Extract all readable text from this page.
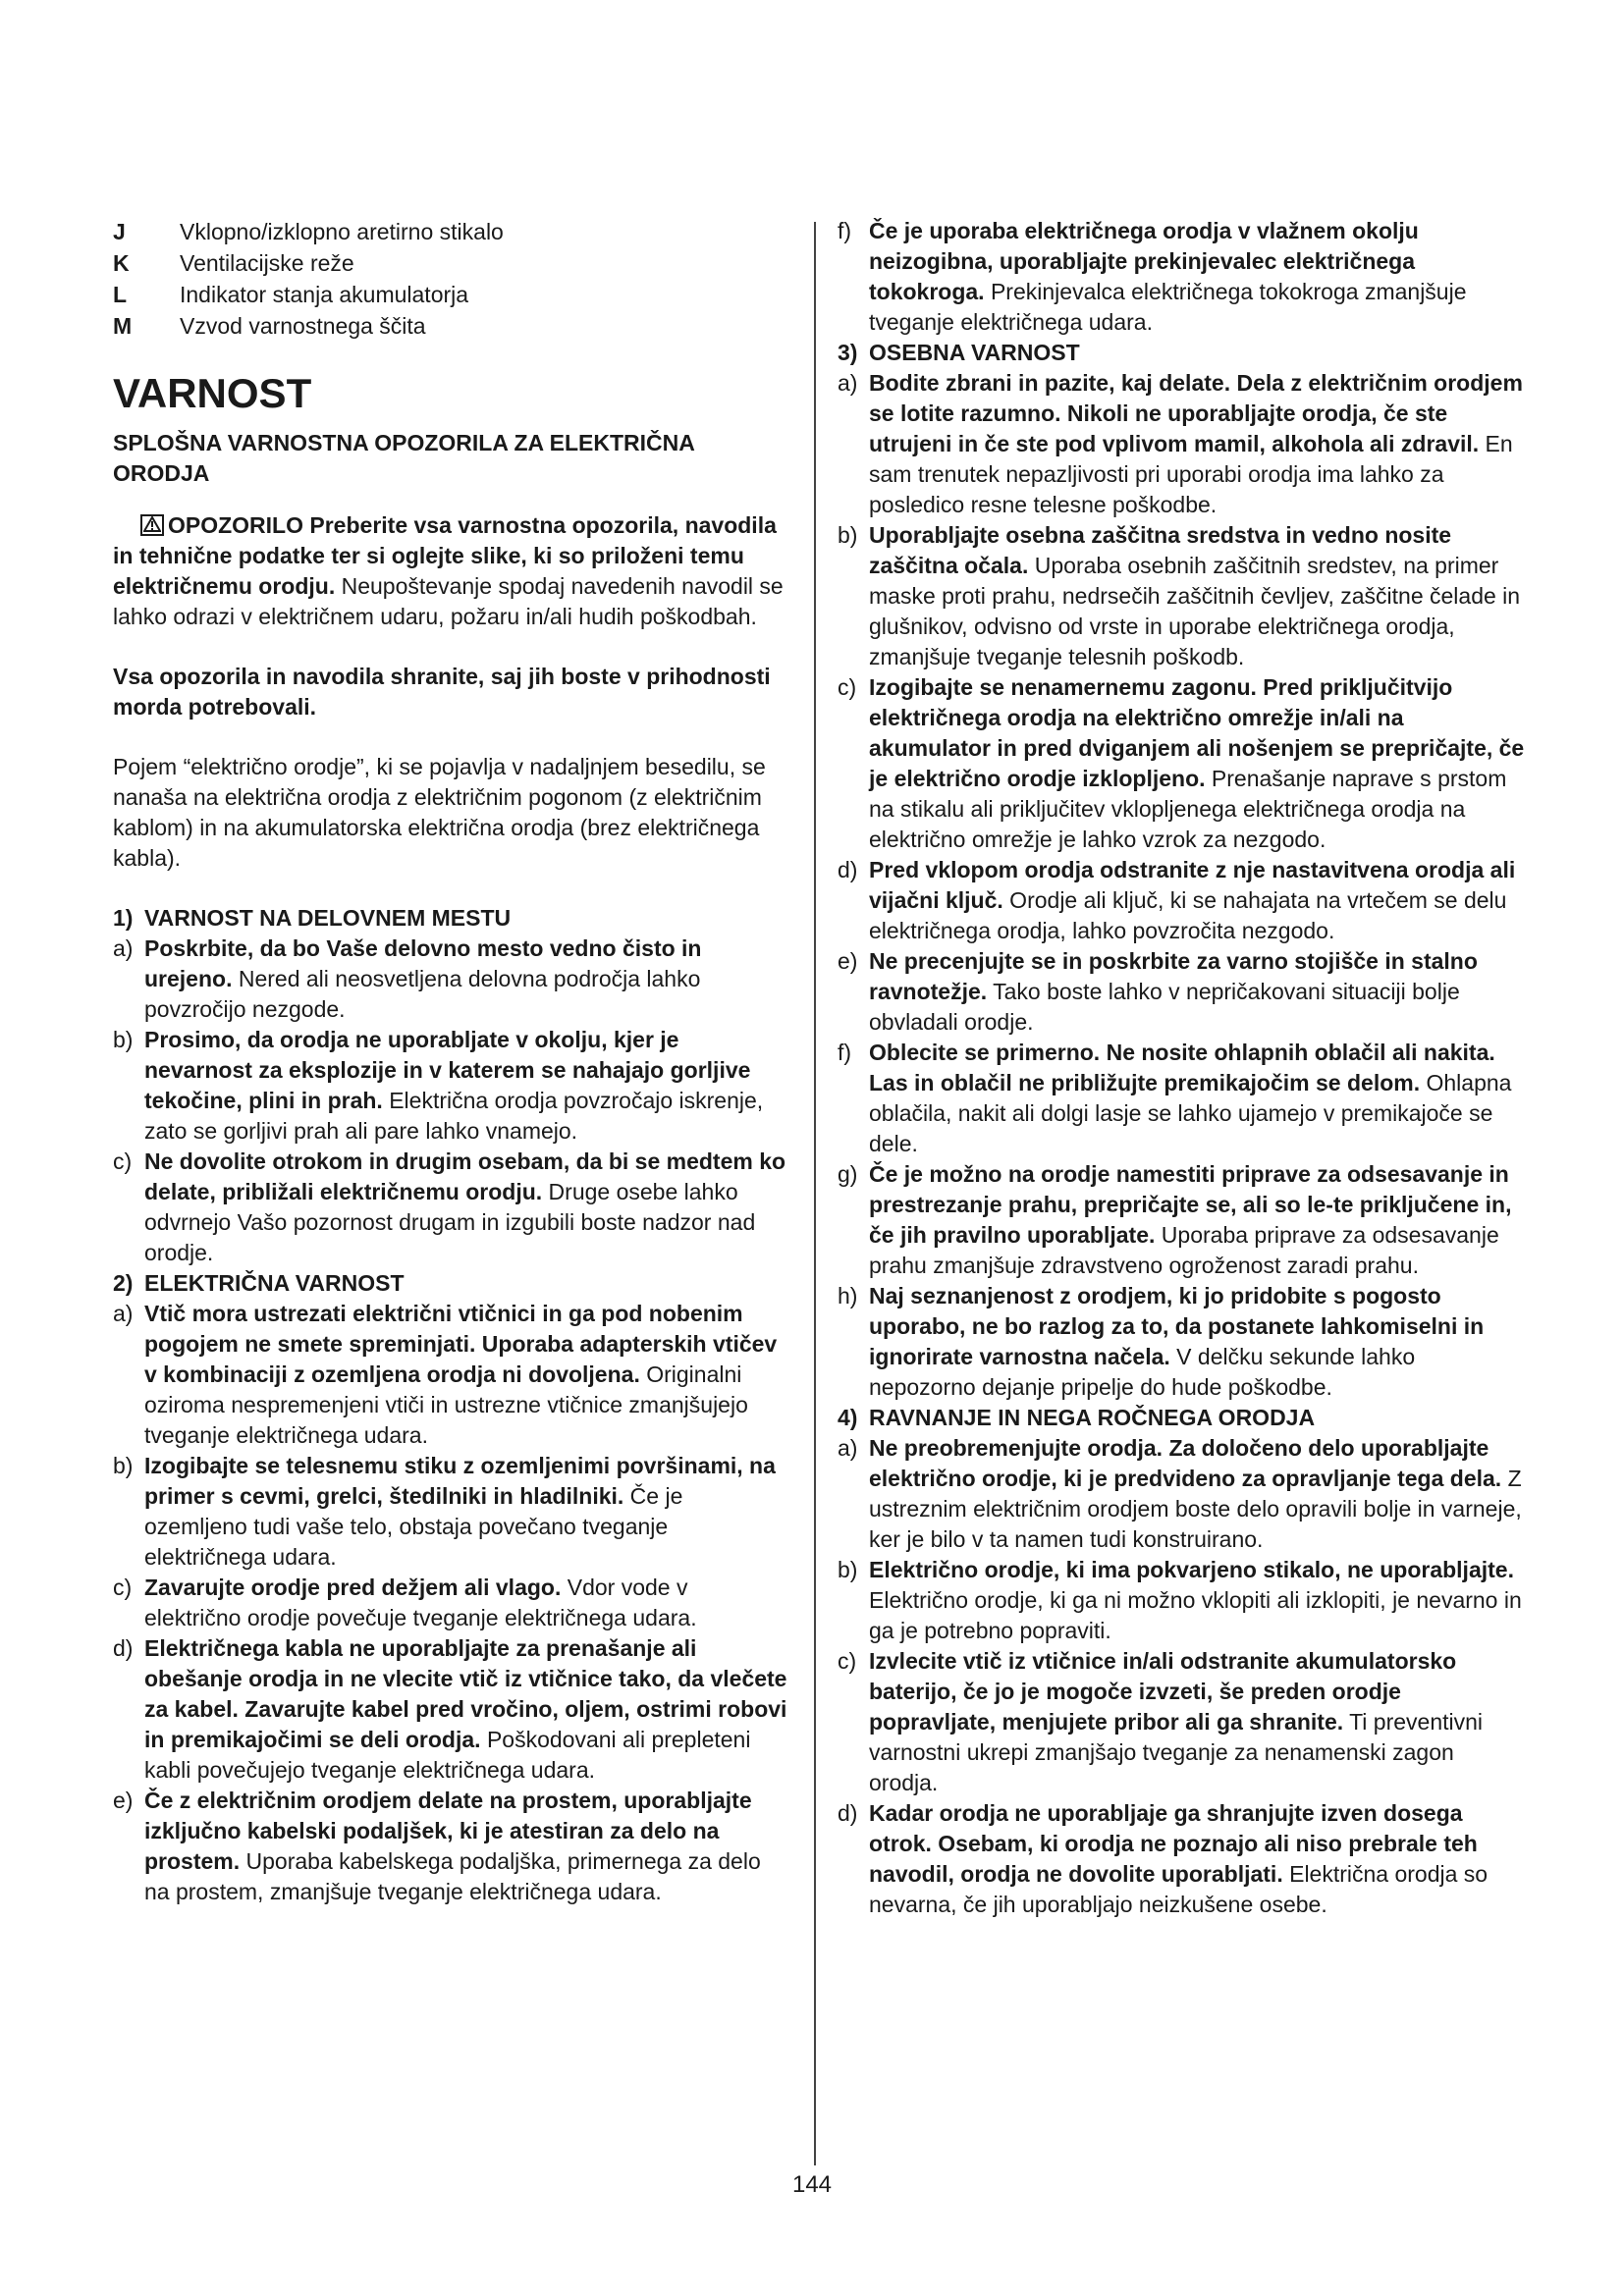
J	Vklopno/izklopno aretirno stikalo
K	Ventilacijske reže
L	Indikator stanja akumulatorja
M	Vzvod varnostnega ščita
VARNOST
SPLOŠNA VARNOSTNA OPOZORILA ZA ELEKTRIČNA ORODJA

OPOZORILO Preberite vsa varnostna opozorila, navodila in tehnične podatke ter si oglejte slike, ki so priloženi temu električnemu orodju. Neupoštevanje spodaj navedenih navodil se lahko odrazi v električnem udaru, požaru in/ali hudih poškodbah.

Vsa opozorila in navodila shranite, saj jih boste v prihodnosti morda potrebovali.

Pojem “električno orodje”, ki se pojavlja v nadaljnjem besedilu, se nanaša na električna orodja z električnim pogonom (z električnim kablom) in na akumulatorska električna orodja (brez električnega kabla).

1) VARNOST NA DELOVNEM MESTU
a) Poskrbite, da bo Vaše delovno mesto vedno čisto in urejeno. Nered ali neosvetljena delovna področja lahko povzročijo nezgode.
b) Prosimo, da orodja ne uporabljate v okolju, kjer je nevarnost za eksplozije in v katerem se nahajajo gorljive tekočine, plini in prah. Električna orodja povzročajo iskrenje, zato se gorljivi prah ali pare lahko vnamejo.
c) Ne dovolite otrokom in drugim osebam, da bi se medtem ko delate, približali električnemu orodju. Druge osebe lahko odvrnejo Vašo pozornost drugam in izgubili boste nadzor nad orodje.
2) ELEKTRIČNA VARNOST
a) Vtič mora ustrezati električni vtičnici in ga pod nobenim pogojem ne smete spreminjati. Uporaba adapterskih vtičev v kombinaciji z ozemljena orodja ni dovoljena. Originalni oziroma nespremenjeni vtiči in ustrezne vtičnice zmanjšujejo tveganje električnega udara.
b) Izogibajte se telesnemu stiku z ozemljenimi površinami, na primer s cevmi, grelci, štedilniki in hladilniki. Če je ozemljeno tudi vaše telo, obstaja povečano tveganje električnega udara.
c) Zavarujte orodje pred dežjem ali vlago. Vdor vode v električno orodje povečuje tveganje električnega udara.
d) Električnega kabla ne uporabljajte za prenašanje ali obešanje orodja in ne vlecite vtič iz vtičnice tako, da vlečete za kabel. Zavarujte kabel pred vročino, oljem, ostrimi robovi in premikajočimi se deli orodja. Poškodovani ali prepleteni kabli povečujejo tveganje električnega udara.
e) Če z električnim orodjem delate na prostem, uporabljajte izključno kabelski podaljšek, ki je atestiran za delo na prostem. Uporaba kabelskega podaljška, primernega za delo na prostem, zmanjšuje tveganje električnega udara.
f) Če je uporaba električnega orodja v vlažnem okolju neizogibna, uporabljajte prekinjevalec električnega tokokroga. Prekinjevalca električnega tokokroga zmanjšuje tveganje električnega udara.
3) OSEBNA VARNOST
a) Bodite zbrani in pazite, kaj delate. Dela z električnim orodjem se lotite razumno. Nikoli ne uporabljajte orodja, če ste utrujeni in če ste pod vplivom mamil, alkohola ali zdravil. En sam trenutek nepazljivosti pri uporabi orodja ima lahko za posledico resne telesne poškodbe.
b) Uporabljajte osebna zaščitna sredstva in vedno nosite zaščitna očala. Uporaba osebnih zaščitnih sredstev, na primer maske proti prahu, nedrsečih zaščitnih čevljev, zaščitne čelade in glušnikov, odvisno od vrste in uporabe električnega orodja, zmanjšuje tveganje telesnih poškodb.
c) Izogibajte se nenamernemu zagonu. Pred priključitvijo električnega orodja na električno omrežje in/ali na akumulator in pred dviganjem ali nošenjem se prepričajte, če je električno orodje izklopljeno. Prenašanje naprave s prstom na stikalu ali priključitev vklopljenega električnega orodja na električno omrežje je lahko vzrok za nezgodo.
d) Pred vklopom orodja odstranite z nje nastavitvena orodja ali vijačni ključ. Orodje ali ključ, ki se nahajata na vrtečem se delu električnega orodja, lahko povzročita nezgodo.
e) Ne precenjujte se in poskrbite za varno stojišče in stalno ravnotežje. Tako boste lahko v nepričakovani situaciji bolje obvladali orodje.
f) Oblecite se primerno. Ne nosite ohlapnih oblačil ali nakita. Las in oblačil ne približujte premikajočim se delom. Ohlapna oblačila, nakit ali dolgi lasje se lahko ujamejo v premikajoče se dele.
g) Če je možno na orodje namestiti priprave za odsesavanje in prestrezanje prahu, prepričajte se, ali so le-te priključene in, če jih pravilno uporabljate. Uporaba priprave za odsesavanje prahu zmanjšuje zdravstveno ogroženost zaradi prahu.
h) Naj seznanjenost z orodjem, ki jo pridobite s pogosto uporabo, ne bo razlog za to, da postanete lahkomiselni in ignorirate varnostna načela. V delčku sekunde lahko nepozorno dejanje pripelje do hude poškodbe.
4) RAVNANJE IN NEGA ROČNEGA ORODJA
a) Ne preobremenjujte orodja. Za določeno delo uporabljajte električno orodje, ki je predvideno za opravljanje tega dela. Z ustreznim električnim orodjem boste delo opravili bolje in varneje, ker je bilo v ta namen tudi konstruirano.
b) Električno orodje, ki ima pokvarjeno stikalo, ne uporabljajte. Električno orodje, ki ga ni možno vklopiti ali izklopiti, je nevarno in ga je potrebno popraviti.
c) Izvlecite vtič iz vtičnice in/ali odstranite akumulatorsko baterijo, če jo je mogoče izvzeti, še preden orodje popravljate, menjujete pribor ali ga shranite. Ti preventivni varnostni ukrepi zmanjšajo tveganje za nenamenski zagon orodja.
d) Kadar orodja ne uporabljaje ga shranjujte izven dosega otrok. Osebam, ki orodja ne poznajo ali niso prebrale teh navodil, orodja ne dovolite uporabljati. Električna orodja so nevarna, če jih uporabljajo neizkušene osebe.
144
